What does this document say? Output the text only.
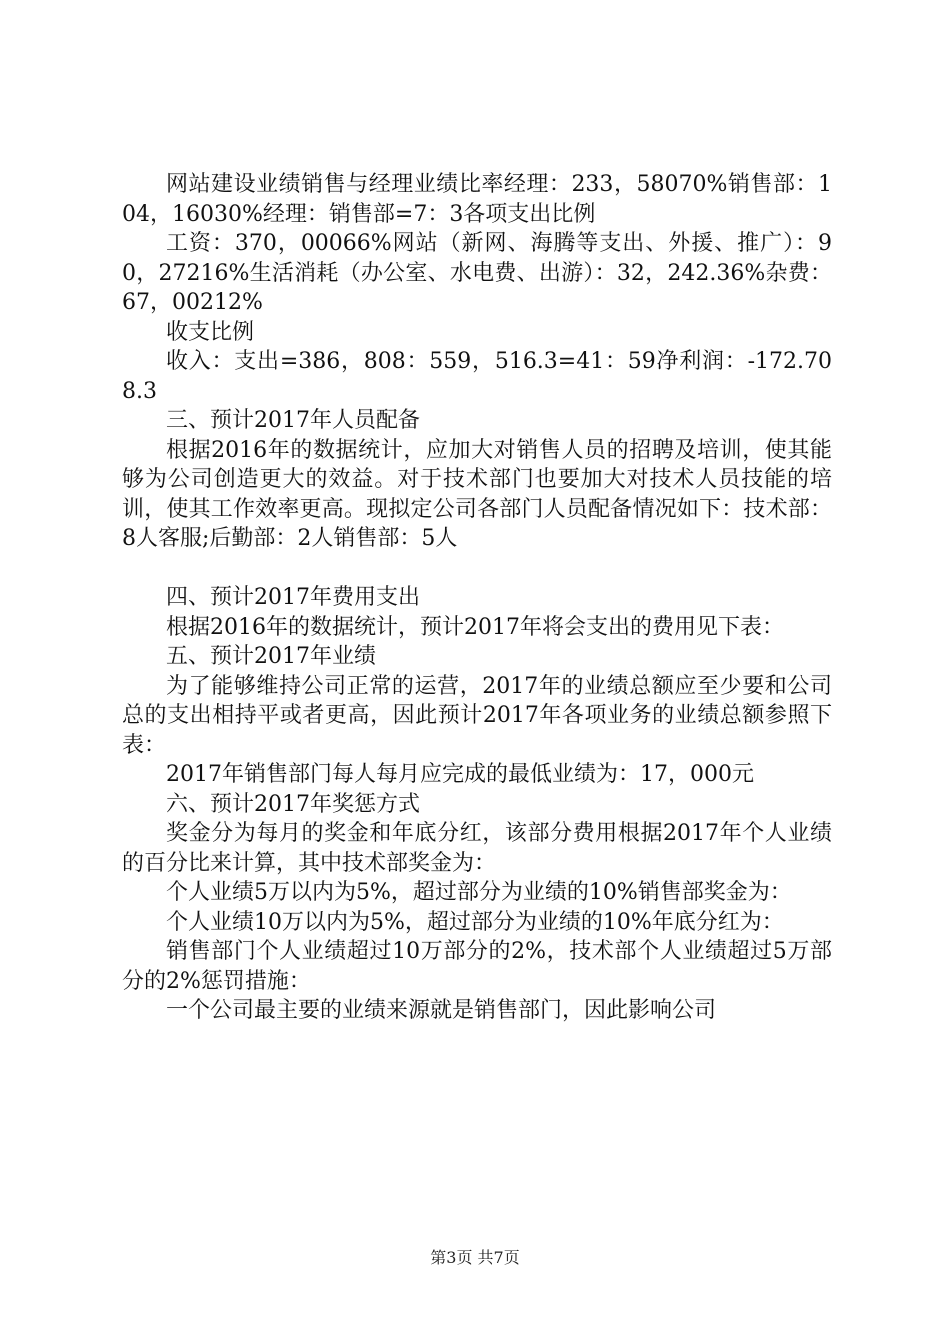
网站建设业绩销售与经理业绩比率经理：233，58070%销售部：104，16030%经理：销售部=7：3各项支出比例

工资：370，00066%网站（新网、海腾等支出、外援、推广）：90，27216%生活消耗（办公室、水电费、出游）：32，242.36%杂费：67，00212%

收支比例

收入：支出=386，808：559，516.3=41：59净利润：-172.708.3

三、预计2017年人员配备

根据2016年的数据统计，应加大对销售人员的招聘及培训，使其能够为公司创造更大的效益。对于技术部门也要加大对技术人员技能的培训，使其工作效率更高。现拟定公司各部门人员配备情况如下：技术部：8人客服;后勤部：2人销售部：5人

四、预计2017年费用支出

根据2016年的数据统计，预计2017年将会支出的费用见下表：

五、预计2017年业绩

为了能够维持公司正常的运营，2017年的业绩总额应至少要和公司总的支出相持平或者更高，因此预计2017年各项业务的业绩总额参照下表：

2017年销售部门每人每月应完成的最低业绩为：17，000元

六、预计2017年奖惩方式

奖金分为每月的奖金和年底分红，该部分费用根据2017年个人业绩的百分比来计算，其中技术部奖金为：

个人业绩5万以内为5%，超过部分为业绩的10%销售部奖金为：

个人业绩10万以内为5%，超过部分为业绩的10%年底分红为：

销售部门个人业绩超过10万部分的2%，技术部个人业绩超过5万部分的2%惩罚措施：

一个公司最主要的业绩来源就是销售部门，因此影响公司

第3页 共7页
